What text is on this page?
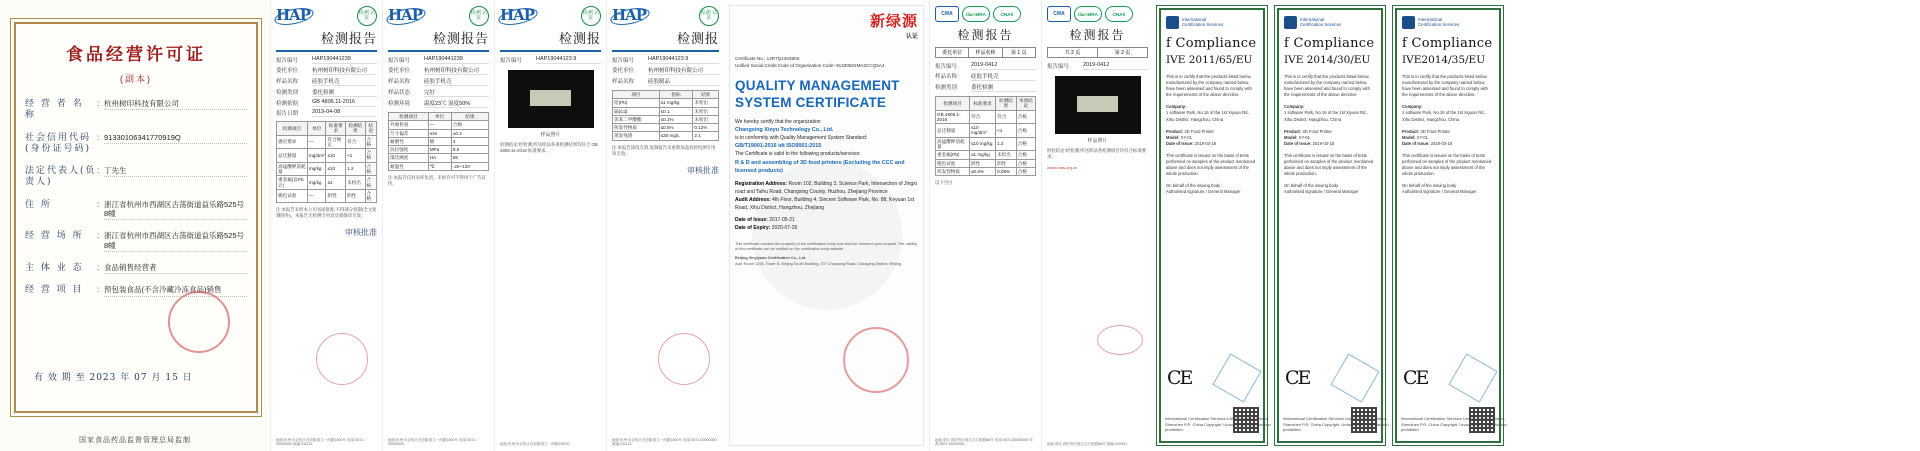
食品经营许可证
(副本)
经 营 者 名 称
: 杭州树印科技有限公司
社会信用代码 (身份证号码)
: 91330106341770919Q
法定代表人(负责人)
: 丁先生
住 所	: 浙江省杭州市西湖区古荡街道益乐路525号8幢
经 营 场 所	: 浙江省杭州市西湖区古荡街道益乐路525号8幢
主 体 业 态	: 食品销售经营者
经 营 项 目	: 预包装食品(不含冷藏冷冻食品)销售
有 效 期 至 2023 年 07 月 15 日
国家食品药品监督管理总局监制
HAP	检测 认证
检测报告
报告编号	HAP190441239
委托单位	杭州树印科技有限公司
样品名称	硅胶手机壳
检测类别	委托检测
检测依据	GB 4806.11-2016
报告日期	2019-04-08
检测项目	单位	标准要求	检测结果	结论
感官要求	—	符合规定	符合	合格
总迁移量	mg/dm²	≤10	<1	合格
高锰酸钾消耗量	mg/kg	≤10	1.2	合格
重金属(以Pb计)	mg/kg	≤1	未检出	合格
脱色试验	—	阴性	阴性	合格
注:本报告未经本公司书面批准,不得部分复制(全文复制除外)。本报告无检测专用章及骑缝章无效。
审核批准
地址:杭州市余杭区仓前街道文一西路1500号 电话:0571-00000000 邮编:311121
HAP	检测 认证
检测报告
报告编号	HAP190441239
委托单位	杭州树印科技有限公司
样品名称	硅胶手机壳
样品状态	完好
检测环境	温度23℃ 湿度50%
检测项目	单位	结果
外观检查	—	合格
尺寸偏差	mm	±0.2
耐磨性	级	4
抗拉强度	MPa	8.6
邵氏硬度	HA	55
耐温性	℃	-20~120
注:本报告仅对来样负责。未经许可不得用于广告宣传。
地址:杭州市余杭区仓前街道文一西路1500号 电话:0571-00000000
HAP	检测 认证
检测报
报告编号	HAP19044123 9
样品照片
检测结论:经检测,所送样品各项检测结果均符合 GB 4806.11-2016 标准要求。
地址:杭州市余杭区仓前街道文一西路1500号
HAP	检测 认证
检测报
报告编号	HAP19044123 9
委托单位	杭州树印科技有限公司
样品名称	硅胶制品
项目	指标	结果
铅(Pb)	≤1 mg/kg	未检出
镉(Cd)	≤0.1	未检出
邻苯二甲酸酯	≤0.1%	未检出
挥发性物质	≤0.5%	0.12%
蒸发残渣	≤30 mg/L	2.1
注:本报告涂改无效,复制报告未重新加盖检验检测专用章无效。
审核批准
地址:杭州市余杭区仓前街道文一西路1500号 电话:0571-00000000 邮编:311121
新绿源
认证
Certificate No.: 14R7Q140380S
Unified Social Credit Code of Organization Code: 91330502MA2CCQ5A4
QUALITY MANAGEMENT
SYSTEM CERTIFICATE
We hereby certify that the organization
Changxing Xinyu Technology Co., Ltd.
is in conformity with Quality Management System Standard:
GB/T19001-2016 idt ISO9001:2015
The Certificate is valid to the following products/services:
R & D and assembling of 3D food printers (Excluding the CCC and licensed products)
Registration Address: Room 102, Building 3, Science Park, Intersection of Jingxi road and Taihu Road, Changxing County, Huzhou, Zhejiang Province
Audit Address: 4th Floor, Building 4, Sincere Software Park, No. 88, Keyuan 1st Road, Xihu District, Hangzhou, Zhejiang
Date of Issue: 2017-05-21
Date of Expiry: 2020-07-26
This certificate remains the property of the certification body and must be returned upon request. The validity of this certificate can be verified on the certification body website.
Beijing Xinyiyuan Certification Co., Ltd.
Add: Room 1208, Tower B, Beijing South Building, 207 Chaoyang Road, Chaoyang District, Beijing
CMA	ilac-MRA	CNAS
检测报告
委托单位	样品名称	第 1 页
报告编号	2019-0412
样品名称	硅胶手机壳
检测类别	委托检测
检测项目	标准要求	检测结果	单项结论
GB 4806.1-2016	符合	符合	合格
总迁移量	≤10 mg/dm²	<1	合格
高锰酸钾消耗量	≤10 mg/kg	1.2	合格
重金属(Pb)	≤1 mg/kg	未检出	合格
脱色试验	阴性	阴性	合格
挥发性物质	≤0.5%	0.08%	合格
以下空白
地址:浙江省杭州市滨江区江陵路88号 电话:0571-00000000 传真:0571-00000001
CMA	ilac-MRA	CNAS
检测报告
共 2 页	第 2 页
报告编号	2019-0412
样品照片
检验结论:经检测,所送样品各检测项目均符合标准要求。
www.cnas.org.cn
地址:浙江省杭州市滨江区江陵路88号 邮编:310051
International
Certification Services
f Compliance
IVE 2011/65/EU

This is to certify that the products listed below, manufactured by the company named below, have been assessed and found to comply with the requirements of the above directive.

Company:
1 software Park, No.16 of the 1st Xiyuan Rd., Xihu District, Hangzhou, China

Product: 3D Food Printer
Model: XY-01
Date of Issue: 2019-03-18

This certificate is issued on the basis of tests performed on samples of the product mentioned above and does not imply assessment of the whole production.

On behalf of the issuing body
Authorised signature / General Manager

CE
International Certification Services Unit 5, Longhua District, Shenzhen P.R. China Copyright. Unauthorised reproduction prohibited.
International
Certification Services
f Compliance
IVE 2014/30/EU

This is to certify that the products listed below, manufactured by the company named below, have been assessed and found to comply with the requirements of the above directive.

Company:
1 software Park, No.16 of the 1st Xiyuan Rd., Xihu District, Hangzhou, China

Product: 3D Food Printer
Model: XY-01
Date of Issue: 2019-03-18

This certificate is issued on the basis of tests performed on samples of the product mentioned above and does not imply assessment of the whole production.

On behalf of the issuing body
Authorised signature / General Manager

CE
International Certification Services Unit 5, Longhua District, Shenzhen P.R. China Copyright. Unauthorised reproduction prohibited.
International
Certification Services
f Compliance
IVE2014/35/EU

This is to certify that the products listed below, manufactured by the company named below, have been assessed and found to comply with the requirements of the above directive.

Company:
1 software Park, No.16 of the 1st Xiyuan Rd., Xihu District, Hangzhou, China

Product: 3D Food Printer
Model: XY-01
Date of Issue: 2019-03-18

This certificate is issued on the basis of tests performed on samples of the product mentioned above and does not imply assessment of the whole production.

On behalf of the issuing body
Authorised signature / General Manager

CE
International Certification Services Unit 5, Longhua District, Shenzhen P.R. China Copyright. Unauthorised reproduction prohibited.
